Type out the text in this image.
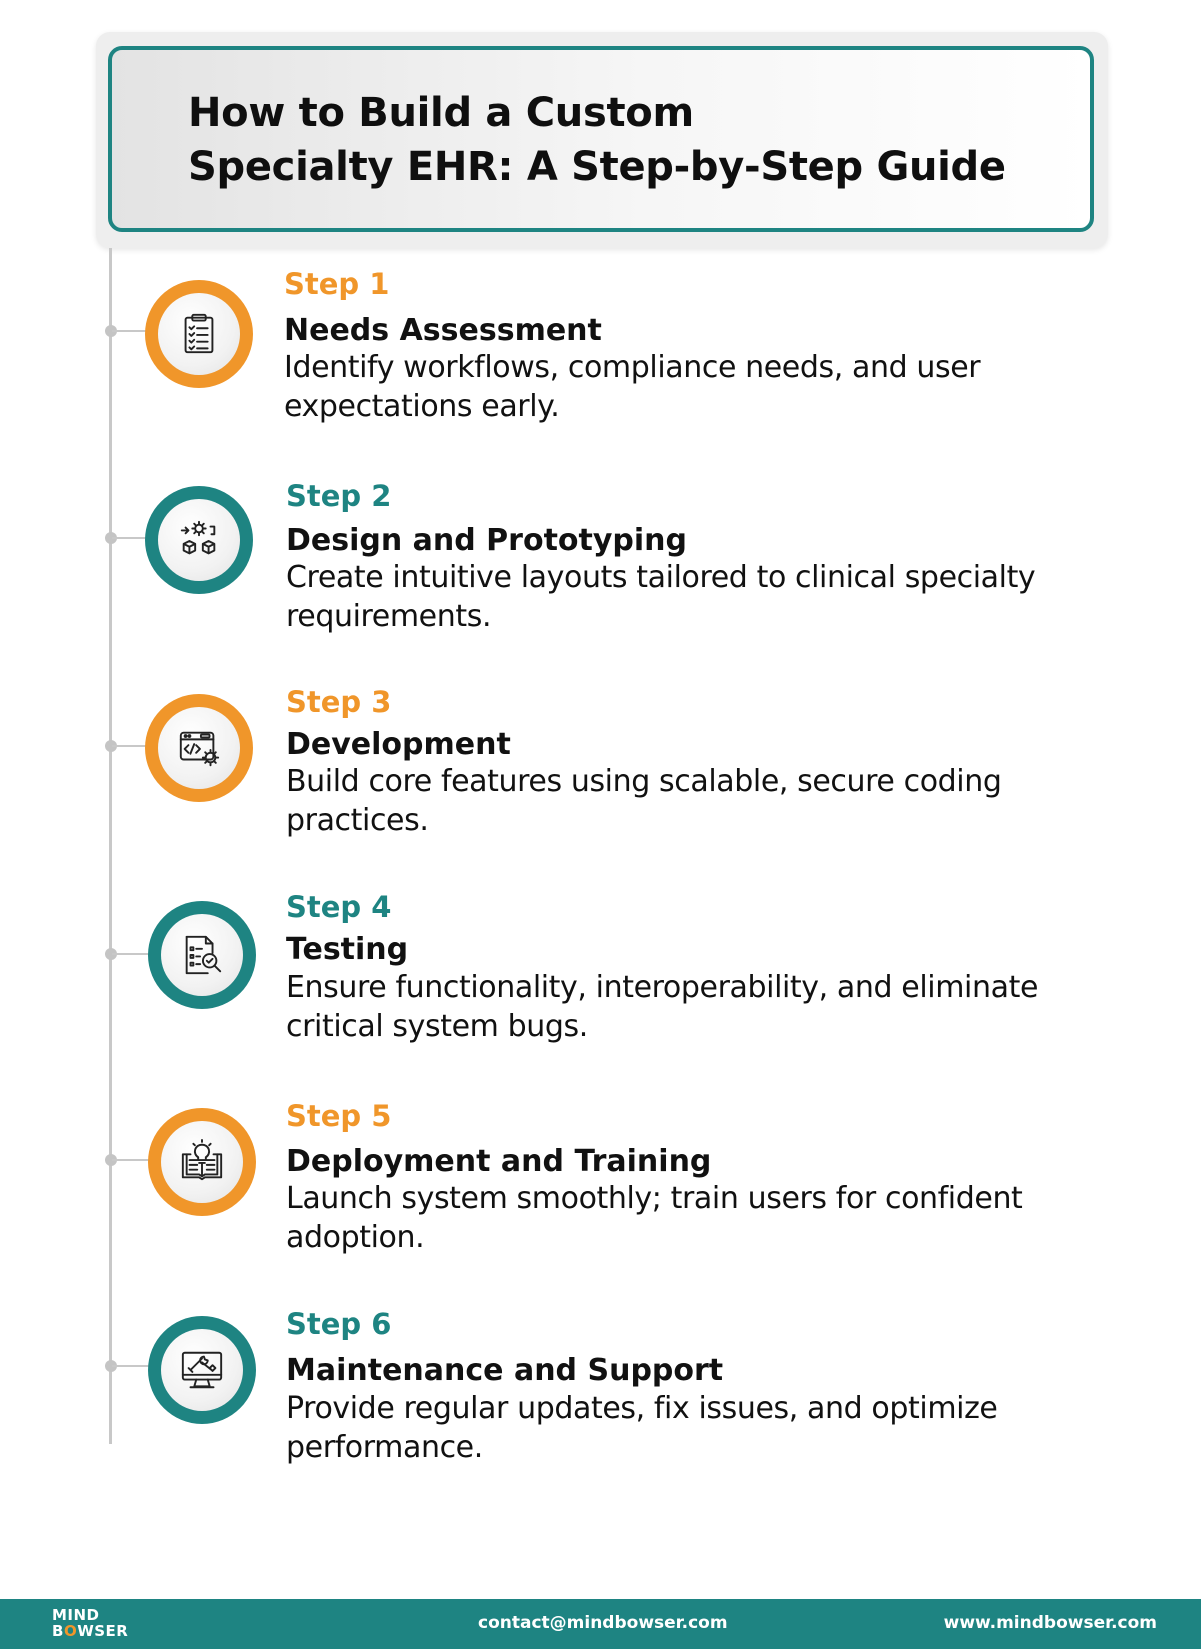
How to Build a Custom
Specialty EHR: A Step-by-Step Guide
Step 1
Needs Assessment
Identify workflows, compliance needs, and user
expectations early.
Step 2
Design and Prototyping
Create intuitive layouts tailored to clinical specialty
requirements.
Step 3
Development
Build core features using scalable, secure coding
practices.
Step 4
Testing
Ensure functionality, interoperability, and eliminate
critical system bugs.
Step 5
Deployment and Training
Launch system smoothly; train users for confident
adoption.
Step 6
Maintenance and Support
Provide regular updates, fix issues, and optimize
performance.
MIND
BOWSER	contact@mindbowser.com	www.mindbowser.com
